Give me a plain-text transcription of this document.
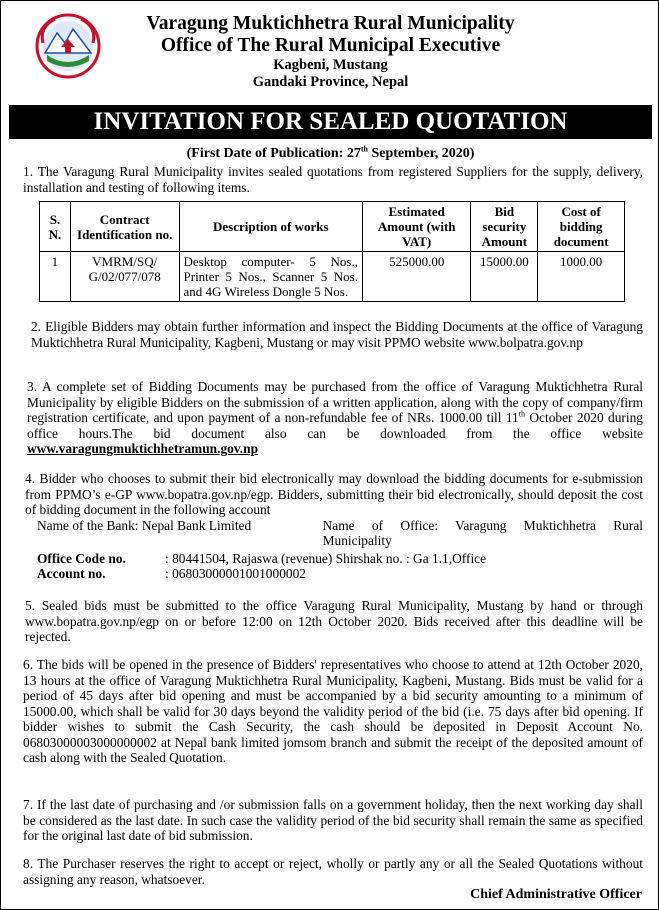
Varagung Muktichhetra Rural Municipality
Office of The Rural Municipal Executive
Kagbeni, Mustang
Gandaki Province, Nepal
INVITATION FOR SEALED QUOTATION
(First Date of Publication: 27th September, 2020)
1. The Varagung Rural Municipality invites sealed quotations from registered Suppliers for the supply, delivery, installation and testing of following items.
S. N.	Contract Identification no.	Description of works	Estimated Amount (with VAT)	Bid security Amount	Cost of bidding document
1	VMRM/SQ/ G/02/077/078	Desktop computer- 5 Nos., Printer 5 Nos., Scanner 5 Nos. and 4G Wireless Dongle 5 Nos.	525000.00	15000.00	1000.00
2. Eligible Bidders may obtain further information and inspect the Bidding Documents at the office of Varagung Muktichhetra Rural Municipality, Kagbeni, Mustang or may visit PPMO website www.bolpatra.gov.np
3. A complete set of Bidding Documents may be purchased from the office of Varagung Muktichhetra Rural Municipality by eligible Bidders on the submission of a written application, along with the copy of company/firm registration certificate, and upon payment of a non-refundable fee of NRs. 1000.00 till 11th October 2020 during office hours.The bid document also can be downloaded from the office website www.varagungmuktichhetramun.gov.np
4. Bidder who chooses to submit their bid electronically may download the bidding documents for e-submission from PPMO’s e-GP www.bopatra.gov.np/egp. Bidders, submitting their bid electronically, should deposit the cost of bidding document in the following account
Name of the Bank: Nepal Bank Limited	Name of Office: Varagung Muktichhetra Rural Municipality
Office Code no.	: 80441504, Rajaswa (revenue) Shirshak no. : Ga 1.1,Office
Account no.	: 06803000001001000002
5. Sealed bids must be submitted to the office Varagung Rural Municipality, Mustang by hand or through www.bopatra.gov.np/egp on or before 12:00 on 12th October 2020. Bids received after this deadline will be rejected.
6. The bids will be opened in the presence of Bidders' representatives who choose to attend at 12th October 2020, 13 hours at the office of Varagung Muktichhetra Rural Municipality, Kagbeni, Mustang. Bids must be valid for a period of 45 days after bid opening and must be accompanied by a bid security amounting to a minimum of 15000.00, which shall be valid for 30 days beyond the validity period of the bid (i.e. 75 days after bid opening. If bidder wishes to submit the Cash Security, the cash should be deposited in Deposit Account No. 06803000003000000002 at Nepal bank limited jomsom branch and submit the receipt of the deposited amount of cash along with the Sealed Quotation.
7. If the last date of purchasing and /or submission falls on a government holiday, then the next working day shall be considered as the last date. In such case the validity period of the bid security shall remain the same as specified for the original last date of bid submission.
8. The Purchaser reserves the right to accept or reject, wholly or partly any or all the Sealed Quotations without assigning any reason, whatsoever.
Chief Administrative Officer
